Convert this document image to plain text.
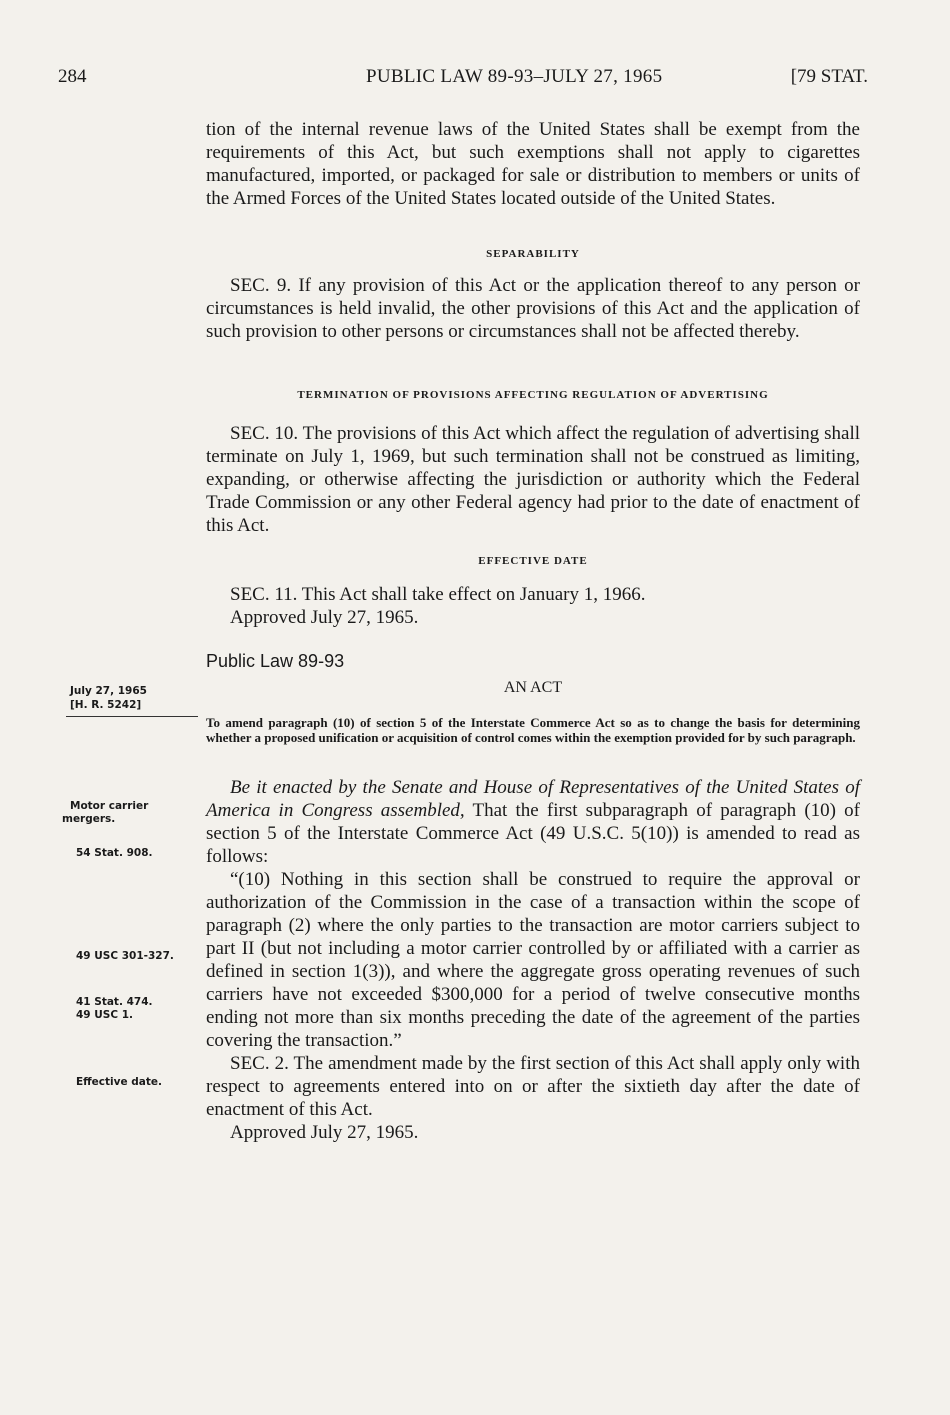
284	PUBLIC LAW 89-93–JULY 27, 1965	[79 STAT.

tion of the internal revenue laws of the United States shall be exempt from the requirements of this Act, but such exemptions shall not apply to cigarettes manufactured, imported, or packaged for sale or distribution to members or units of the Armed Forces of the United States located outside of the United States.

SEPARABILITY

SEC. 9. If any provision of this Act or the application thereof to any person or circumstances is held invalid, the other provisions of this Act and the application of such provision to other persons or circumstances shall not be affected thereby.

TERMINATION OF PROVISIONS AFFECTING REGULATION OF ADVERTISING

SEC. 10. The provisions of this Act which affect the regulation of advertising shall terminate on July 1, 1969, but such termination shall not be construed as limiting, expanding, or otherwise affecting the jurisdiction or authority which the Federal Trade Commission or any other Federal agency had prior to the date of enactment of this Act.

EFFECTIVE DATE

SEC. 11. This Act shall take effect on January 1, 1966.

Approved July 27, 1965.

Public Law 89-93

July 27, 1965
[H. R. 5242]

AN ACT

To amend paragraph (10) of section 5 of the Interstate Commerce Act so as to change the basis for determining whether a proposed unification or acquisition of control comes within the exemption provided for by such paragraph.

Be it enacted by the Senate and House of Representatives of the United States of America in Congress assembled, That the first subparagraph of paragraph (10) of section 5 of the Interstate Commerce Act (49 U.S.C. 5(10)) is amended to read as follows:

“(10) Nothing in this section shall be construed to require the approval or authorization of the Commission in the case of a transaction within the scope of paragraph (2) where the only parties to the transaction are motor carriers subject to part II (but not including a motor carrier controlled by or affiliated with a carrier as defined in section 1(3)), and where the aggregate gross operating revenues of such carriers have not exceeded $300,000 for a period of twelve consecutive months ending not more than six months preceding the date of the agreement of the parties covering the transaction.”

SEC. 2. The amendment made by the first section of this Act shall apply only with respect to agreements entered into on or after the sixtieth day after the date of enactment of this Act.

Approved July 27, 1965.

Motor carrier
mergers.
54 Stat. 908.
49 USC 301-327.
41 Stat. 474.
49 USC 1.
Effective date.
